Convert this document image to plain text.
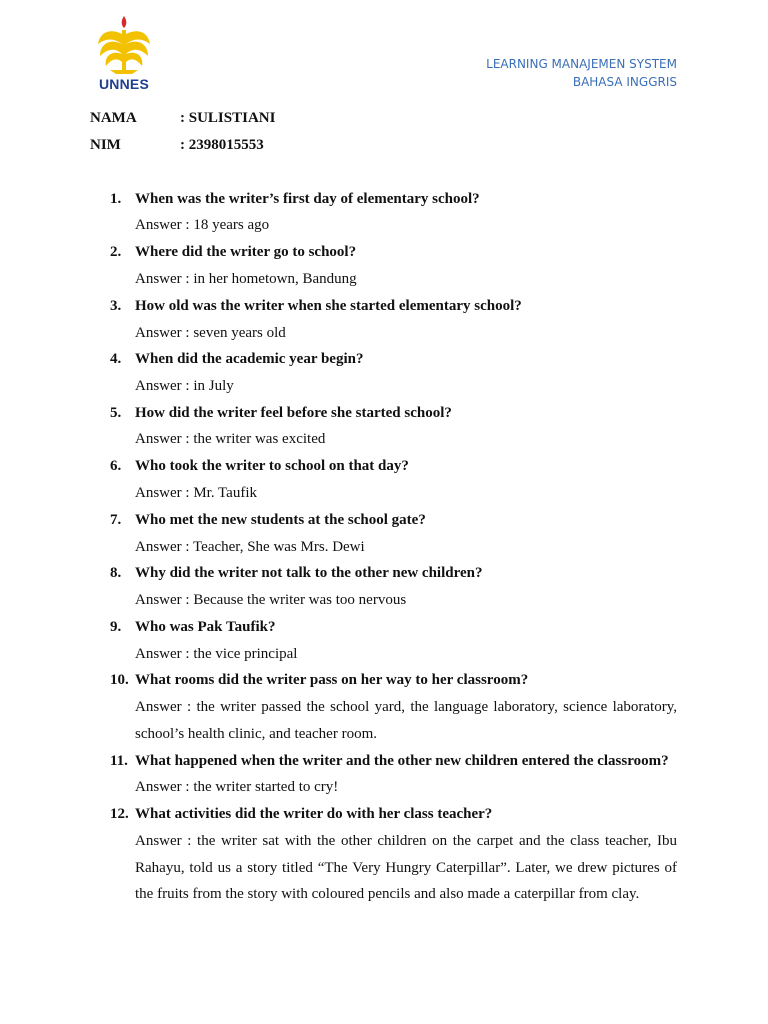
UNNES
LEARNING MANAJEMEN SYSTEM
BAHASA INGGRIS
NAMA	: SULISTIANI
NIM	: 2398015553
1. When was the writer’s first day of elementary school?
Answer : 18 years ago
2. Where did the writer go to school?
Answer : in her hometown, Bandung
3. How old was the writer when she started elementary school?
Answer : seven years old
4. When did the academic year begin?
Answer : in July
5. How did the writer feel before she started school?
Answer : the writer was excited
6. Who took the writer to school on that day?
Answer : Mr. Taufik
7. Who met the new students at the school gate?
Answer : Teacher, She was Mrs. Dewi
8. Why did the writer not talk to the other new children?
Answer : Because the writer was too nervous
9. Who was Pak Taufik?
Answer : the vice principal
10. What rooms did the writer pass on her way to her classroom?
Answer : the writer passed the school yard, the language laboratory, science laboratory, school’s health clinic, and teacher room.
11. What happened when the writer and the other new children entered the classroom?
Answer : the writer started to cry!
12. What activities did the writer do with her class teacher?
Answer : the writer sat with the other children on the carpet and the class teacher, Ibu Rahayu, told us a story titled “The Very Hungry Caterpillar”. Later, we drew pictures of the fruits from the story with coloured pencils and also made a caterpillar from clay.
